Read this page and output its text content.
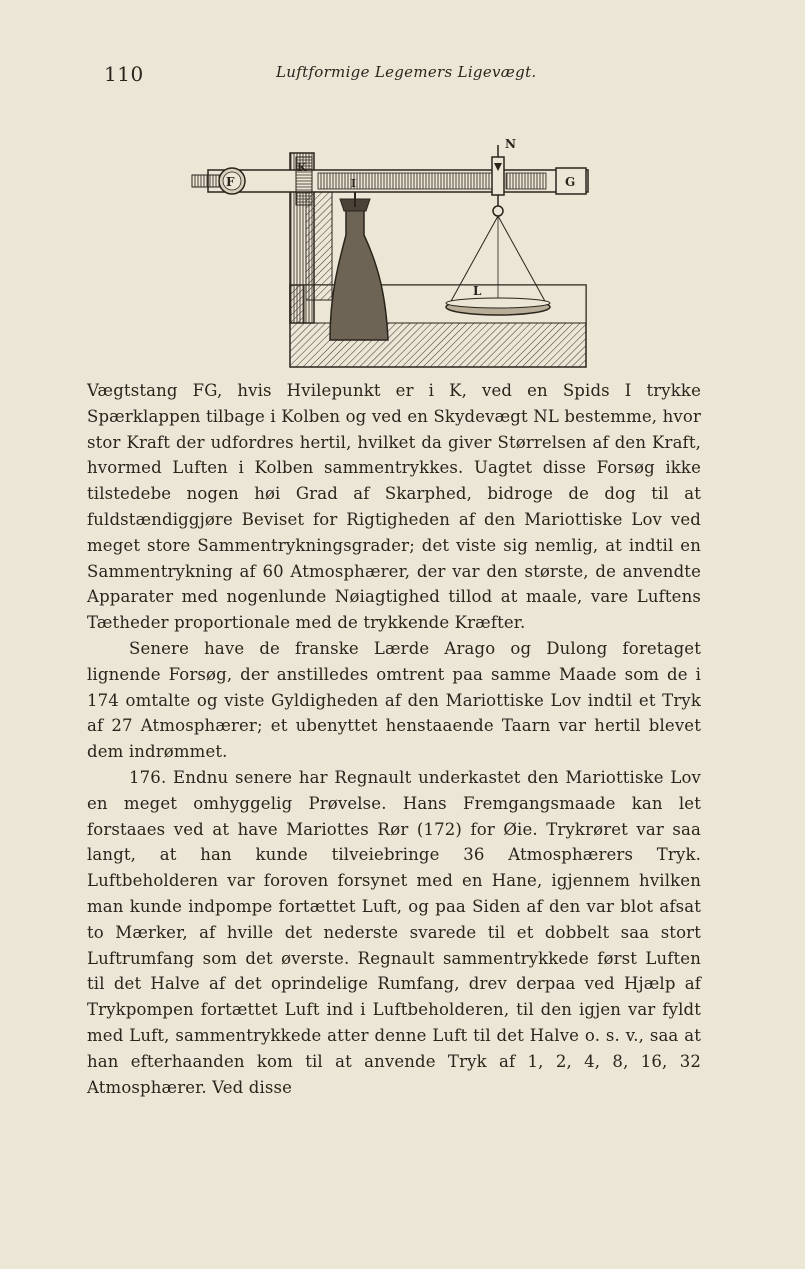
110	Luftformige Legemers Ligevægt.
F
K
I
N
G
L

Vægtstang FG, hvis Hvilepunkt er i K, ved en Spids I trykke Spærklappen tilbage i Kolben og ved en Skydevægt NL bestemme, hvor stor Kraft der udfordres hertil, hvilket da giver Størrelsen af den Kraft, hvormed Luften i Kolben sammentrykkes. Uagtet disse Forsøg ikke tilstedebe nogen høi Grad af Skarphed, bidroge de dog til at fuldstændiggjøre Beviset for Rigtigheden af den Mariottiske Lov ved meget store Sammentrykningsgrader; det viste sig nemlig, at indtil en Sammentrykning af 60 Atmosphærer, der var den største, de anvendte Apparater med nogenlunde Nøiagtighed tillod at maale, vare Luftens Tætheder proportionale med de trykkende Kræfter.

Senere have de franske Lærde Arago og Dulong foretaget lignende Forsøg, der anstilledes omtrent paa samme Maade som de i 174 omtalte og viste Gyldigheden af den Mariottiske Lov indtil et Tryk af 27 Atmosphærer; et ubenyttet henstaaende Taarn var hertil blevet dem indrømmet.

176. Endnu senere har Regnault underkastet den Mariottiske Lov en meget omhyggelig Prøvelse. Hans Fremgangsmaade kan let forstaaes ved at have Mariottes Rør (172) for Øie. Trykrøret var saa langt, at han kunde tilveiebringe 36 Atmosphærers Tryk. Luftbeholderen var foroven forsynet med en Hane, igjennem hvilken man kunde indpompe fortættet Luft, og paa Siden af den var blot afsat to Mærker, af hville det nederste svarede til et dobbelt saa stort Luftrumfang som det øverste. Regnault sammentrykkede først Luften til det Halve af det oprindelige Rumfang, drev derpaa ved Hjælp af Trykpompen fortættet Luft ind i Luftbeholderen, til den igjen var fyldt med Luft, sammentrykkede atter denne Luft til det Halve o. s. v., saa at han efterhaanden kom til at anvende Tryk af 1, 2, 4, 8, 16, 32 Atmosphærer. Ved disse
